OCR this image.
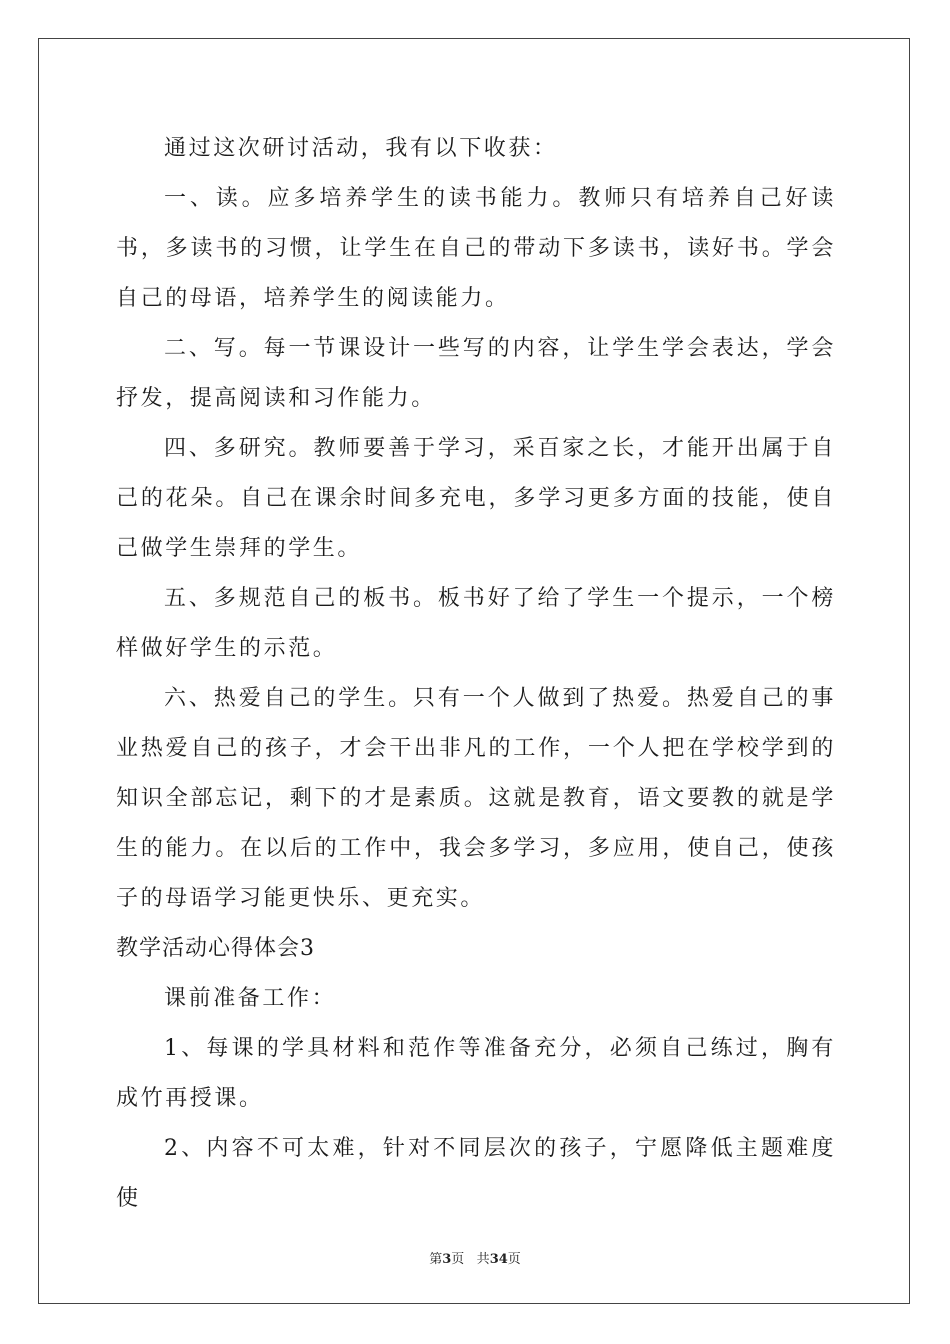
通过这次研讨活动，我有以下收获：

一、读。应多培养学生的读书能力。教师只有培养自己好读书，多读书的习惯，让学生在自己的带动下多读书，读好书。学会自己的母语，培养学生的阅读能力。

二、写。每一节课设计一些写的内容，让学生学会表达，学会抒发，提高阅读和习作能力。

四、多研究。教师要善于学习，采百家之长，才能开出属于自己的花朵。自己在课余时间多充电，多学习更多方面的技能，使自己做学生崇拜的学生。

五、多规范自己的板书。板书好了给了学生一个提示，一个榜样做好学生的示范。

六、热爱自己的学生。只有一个人做到了热爱。热爱自己的事业热爱自己的孩子，才会干出非凡的工作，一个人把在学校学到的知识全部忘记，剩下的才是素质。这就是教育，语文要教的就是学生的能力。在以后的工作中，我会多学习，多应用，使自己，使孩子的母语学习能更快乐、更充实。

教学活动心得体会3

课前准备工作：

1、每课的学具材料和范作等准备充分，必须自己练过，胸有成竹再授课。

2、内容不可太难，针对不同层次的孩子，宁愿降低主题难度使

第3页 共34页
